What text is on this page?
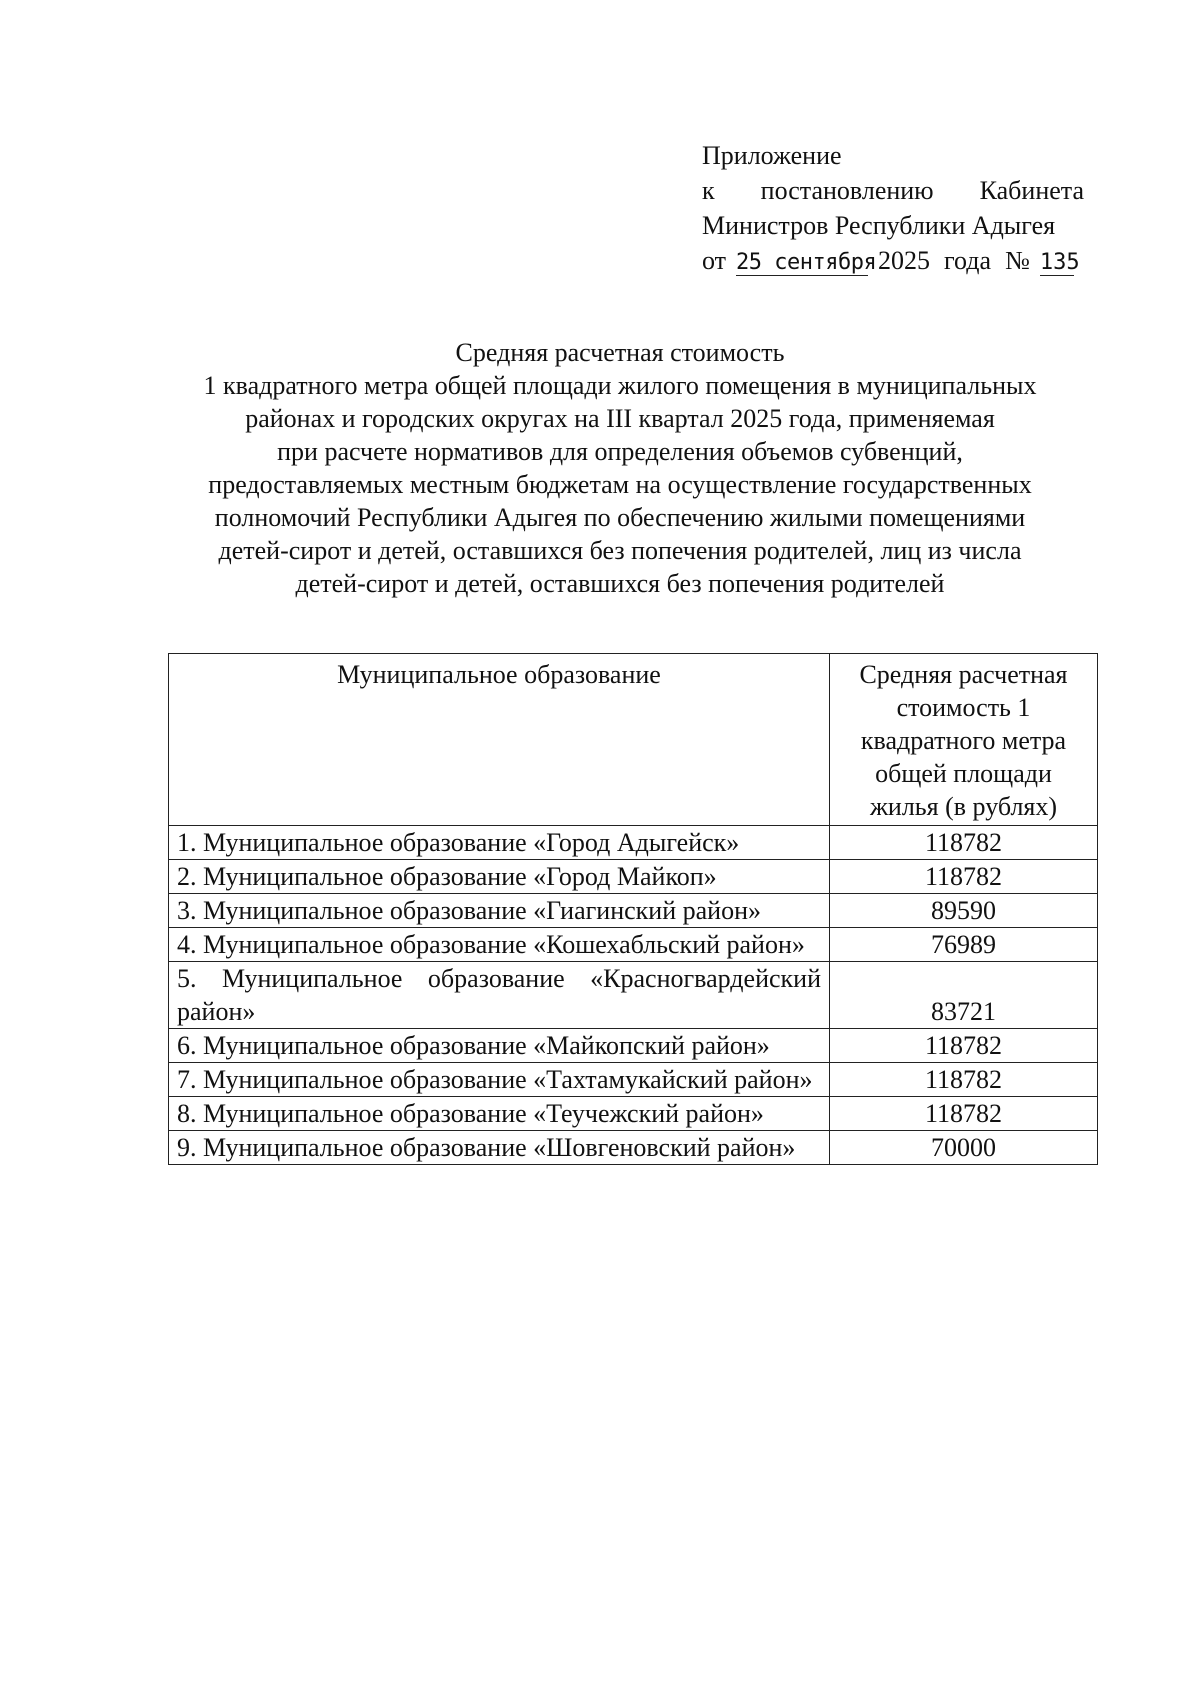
Приложение
к постановлению Кабинета
Министров Республики Адыгея
от 25 сентября 2025 года № 135
Средняя расчетная стоимость
1 квадратного метра общей площади жилого помещения в муниципальных
районах и городских округах на III квартал 2025 года, применяемая
при расчете нормативов для определения объемов субвенций,
предоставляемых местным бюджетам на осуществление государственных
полномочий Республики Адыгея по обеспечению жилыми помещениями
детей-сирот и детей, оставшихся без попечения родителей, лиц из числа
детей-сирот и детей, оставшихся без попечения родителей
Муниципальное образование	Средняя расчетная
стоимость 1
квадратного метра
общей площади
жилья (в рублях)

1. Муниципальное образование «Город Адыгейск»	118782
2. Муниципальное образование «Город Майкоп»	118782
3. Муниципальное образование «Гиагинский район»	89590
4. Муниципальное образование «Кошехабльский район»	76989
5. Муниципальное образование «Красногвардейский район»	83721
6. Муниципальное образование «Майкопский район»	118782
7. Муниципальное образование «Тахтамукайский район»	118782
8. Муниципальное образование «Теучежский район»	118782
9. Муниципальное образование «Шовгеновский район»	70000
